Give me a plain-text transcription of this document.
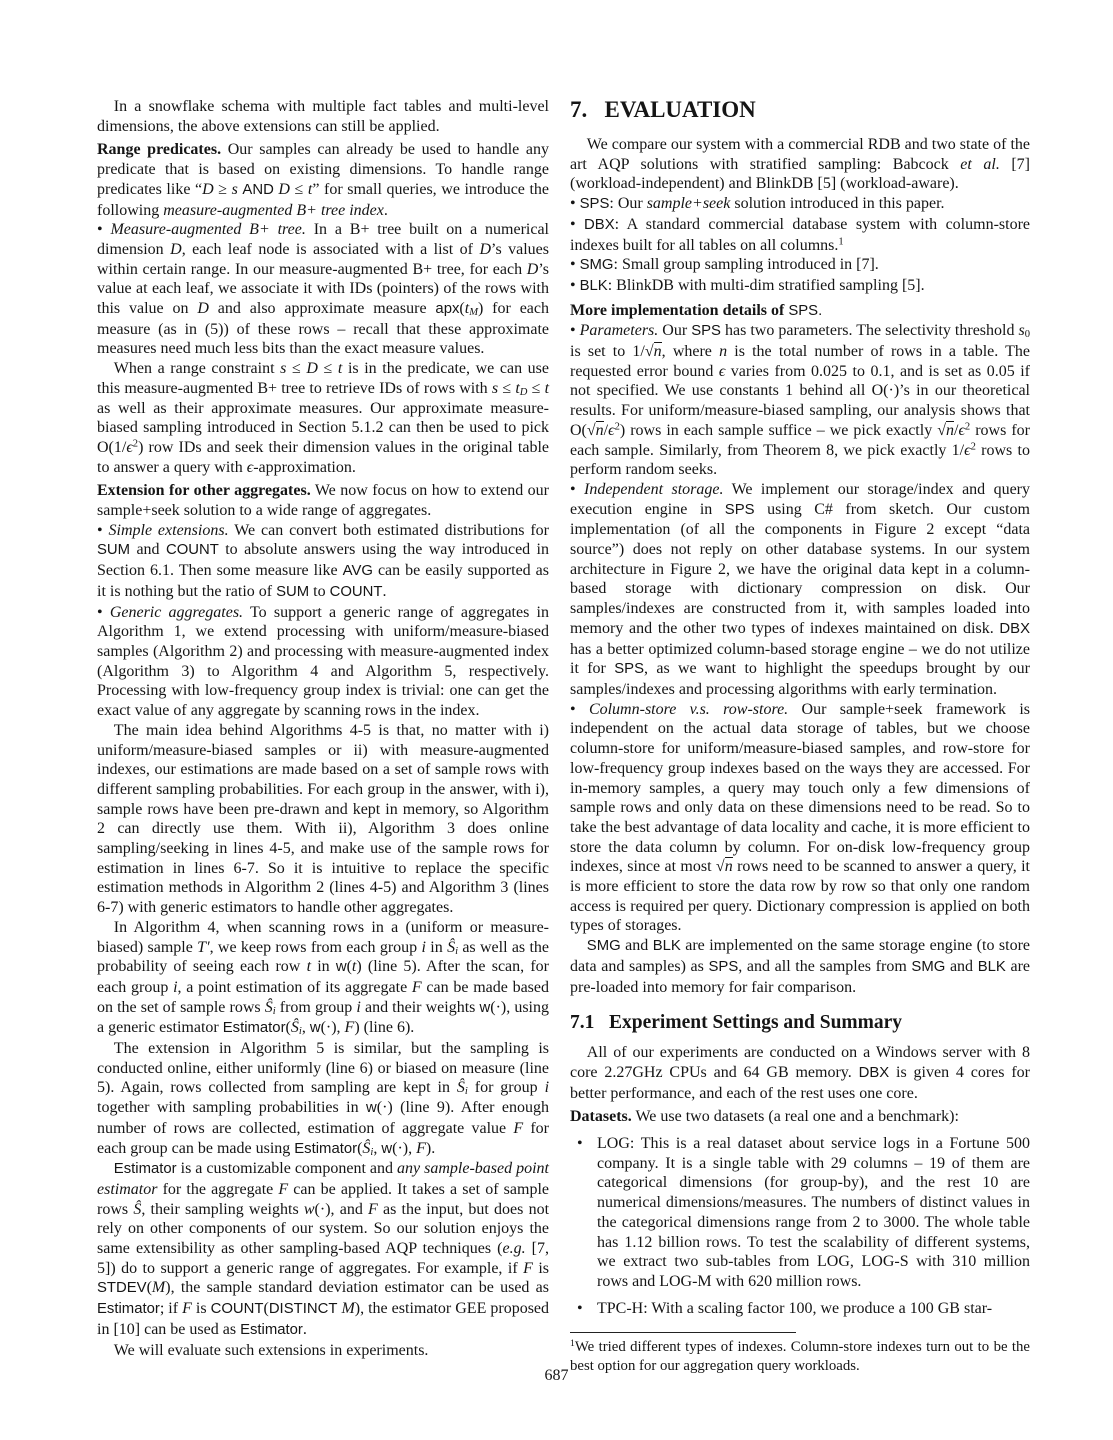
In a snowflake schema with multiple fact tables and multi-level dimensions, the above extensions can still be applied.
Range predicates. Our samples can already be used to handle any predicate that is based on existing dimensions. To handle range predicates like “D ≥ s AND D ≤ t” for small queries, we introduce the following measure-augmented B+ tree index.
• Measure-augmented B+ tree. In a B+ tree built on a numerical dimension D, each leaf node is associated with a list of D’s values within certain range. In our measure-augmented B+ tree, for each D’s value at each leaf, we associate it with IDs (pointers) of the rows with this value on D and also approximate measure apx(tM) for each measure (as in (5)) of these rows – recall that these approximate measures need much less bits than the exact measure values.
When a range constraint s ≤ D ≤ t is in the predicate, we can use this measure-augmented B+ tree to retrieve IDs of rows with s ≤ tD ≤ t as well as their approximate measures. Our approximate measure-biased sampling introduced in Section 5.1.2 can then be used to pick $O(1/\epsilon^2)$ row IDs and seek their dimension values in the original table to answer a query with ϵ-approximation.
Extension for other aggregates. We now focus on how to extend our sample+seek solution to a wide range of aggregates.
• Simple extensions. We can convert both estimated distributions for SUM and COUNT to absolute answers using the way introduced in Section 6.1. Then some measure like AVG can be easily supported as it is nothing but the ratio of SUM to COUNT.
• Generic aggregates. To support a generic range of aggregates in Algorithm 1, we extend processing with uniform/measure-biased samples (Algorithm 2) and processing with measure-augmented index (Algorithm 3) to Algorithm 4 and Algorithm 5, respectively. Processing with low-frequency group index is trivial: one can get the exact value of any aggregate by scanning rows in the index.
The main idea behind Algorithms 4-5 is that, no matter with i) uniform/measure-biased samples or ii) with measure-augmented indexes, our estimations are made based on a set of sample rows with different sampling probabilities. For each group in the answer, with i), sample rows have been pre-drawn and kept in memory, so Algorithm 2 can directly use them. With ii), Algorithm 3 does online sampling/seeking in lines 4-5, and make use of the sample rows for estimation in lines 6-7. So it is intuitive to replace the specific estimation methods in Algorithm 2 (lines 4-5) and Algorithm 3 (lines 6-7) with generic estimators to handle other aggregates.
In Algorithm 4, when scanning rows in a (uniform or measure-biased) sample T′, we keep rows from each group i in Ŝi as well as the probability of seeing each row t in w(t) (line 5). After the scan, for each group i, a point estimation of its aggregate F can be made based on the set of sample rows Ŝi from group i and their weights w(·), using a generic estimator Estimator(Ŝi, w(·), F) (line 6).
The extension in Algorithm 5 is similar, but the sampling is conducted online, either uniformly (line 6) or biased on measure (line 5). Again, rows collected from sampling are kept in Ŝi for group i together with sampling probabilities in w(·) (line 9). After enough number of rows are collected, estimation of aggregate value F for each group can be made using Estimator(Ŝi, w(·), F).
Estimator is a customizable component and any sample-based point estimator for the aggregate F can be applied. It takes a set of sample rows Ŝ, their sampling weights w(·), and F as the input, but does not rely on other components of our system. So our solution enjoys the same extensibility as other sampling-based AQP techniques (e.g. [7, 5]) do to support a generic range of aggregates. For example, if F is STDEV(M), the sample standard deviation estimator can be used as Estimator; if F is COUNT(DISTINCT M), the estimator GEE proposed in [10] can be used as Estimator.
We will evaluate such extensions in experiments.
7. EVALUATION
We compare our system with a commercial RDB and two state of the art AQP solutions with stratified sampling: Babcock et al. [7] (workload-independent) and BlinkDB [5] (workload-aware).
• SPS: Our sample+seek solution introduced in this paper.
• DBX: A standard commercial database system with column-store indexes built for all tables on all columns.$^1$
• SMG: Small group sampling introduced in [7].
• BLK: BlinkDB with multi-dim stratified sampling [5].
More implementation details of SPS.
• Parameters. Our SPS has two parameters. The selectivity threshold s0 is set to 1/√n, where n is the total number of rows in a table. The requested error bound ϵ varies from 0.025 to 0.1, and is set as 0.05 if not specified. We use constants 1 behind all O(·)’s in our theoretical results. For uniform/measure-biased sampling, our analysis shows that $O(√n/\epsilon^2)$ rows in each sample suffice – we pick exactly $√n/\epsilon^2$ rows for each sample. Similarly, from Theorem 8, we pick exactly $1/\epsilon^2$ rows to perform random seeks.
• Independent storage. We implement our storage/index and query execution engine in SPS using C# from sketch. Our custom implementation (of all the components in Figure 2 except “data source”) does not reply on other database systems. In our system architecture in Figure 2, we have the original data kept in a column-based storage with dictionary compression on disk. Our samples/indexes are constructed from it, with samples loaded into memory and the other two types of indexes maintained on disk. DBX has a better optimized column-based storage engine – we do not utilize it for SPS, as we want to highlight the speedups brought by our samples/indexes and processing algorithms with early termination.
• Column-store v.s. row-store. Our sample+seek framework is independent on the actual data storage of tables, but we choose column-store for uniform/measure-biased samples, and row-store for low-frequency group indexes based on the ways they are accessed. For in-memory samples, a query may touch only a few dimensions of sample rows and only data on these dimensions need to be read. So to take the best advantage of data locality and cache, it is more efficient to store the data column by column. For on-disk low-frequency group indexes, since at most √n rows need to be scanned to answer a query, it is more efficient to store the data row by row so that only one random access is required per query. Dictionary compression is applied on both types of storages.
SMG and BLK are implemented on the same storage engine (to store data and samples) as SPS, and all the samples from SMG and BLK are pre-loaded into memory for fair comparison.
7.1 Experiment Settings and Summary
All of our experiments are conducted on a Windows server with 8 core 2.27GHz CPUs and 64 GB memory. DBX is given 4 cores for better performance, and each of the rest uses one core.
Datasets. We use two datasets (a real one and a benchmark):
• LOG: This is a real dataset about service logs in a Fortune 500 company. It is a single table with 29 columns – 19 of them are categorical dimensions (for group-by), and the rest 10 are numerical dimensions/measures. The numbers of distinct values in the categorical dimensions range from 2 to 3000. The whole table has 1.12 billion rows. To test the scalability of different systems, we extract two sub-tables from LOG, LOG-S with 310 million rows and LOG-M with 620 million rows.
• TPC-H: With a scaling factor 100, we produce a 100 GB star-
$^1$We tried different types of indexes. Column-store indexes turn out to be the best option for our aggregation query workloads.
687
